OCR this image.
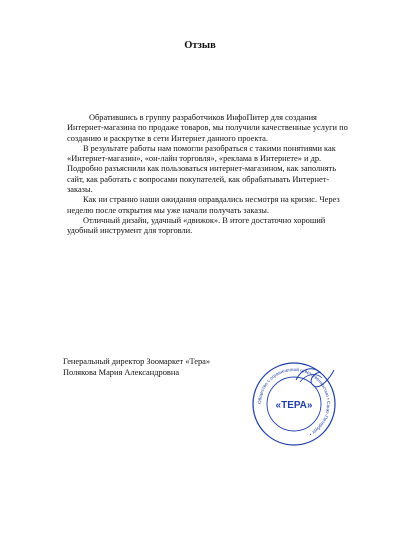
Отзыв

Обратившись в группу разработчиков ИнфоПитер для создания Интернет-магазина по продаже товаров, мы получили качественные услуги по созданию и раскрутке в сети Интернет данного проекта.

В результате работы нам помогли разобраться с такими понятиями как «Интернет-магазин», «он-лайн торговля», «реклама в Интернете» и др. Подробно разъяснили как пользоваться интернет-магазином, как заполнять сайт, как работать с вопросами покупателей, как обрабатывать Интернет-заказы.

Как ни странно наши ожидания оправдались несмотря на кризис. Через неделю после открытия мы уже начали получать заказы.

Отличный дизайн, удачный «движок». В итоге достаточно хороший удобный инструмент для торговли.

Генеральный директор Зоомаркет «Тера»
Полякова Мария Александровна
Общество с ограниченной ответственностью • Санкт-Петербург •
«ТЕРА»
